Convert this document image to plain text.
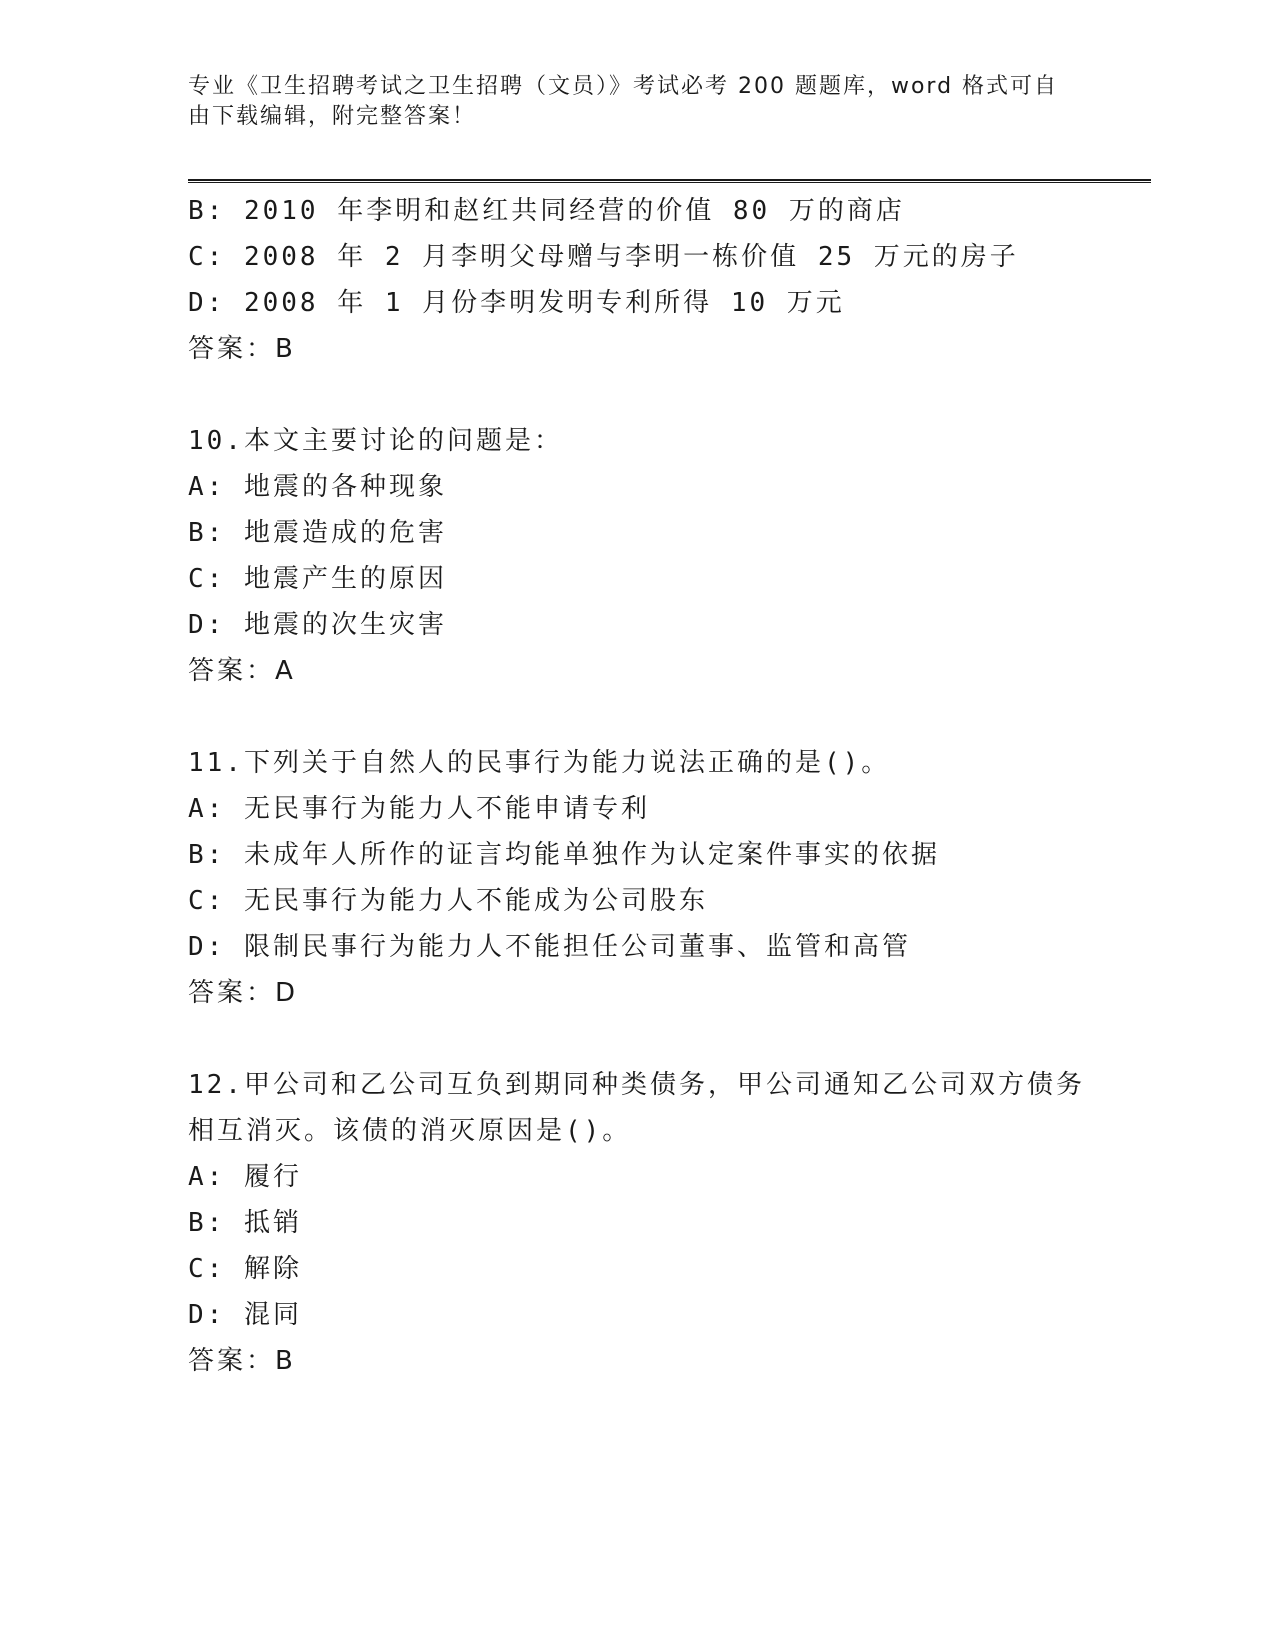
专业《卫生招聘考试之卫生招聘（文员）》考试必考 200 题题库，word 格式可自
由下载编辑，附完整答案！
B: 2010 年李明和赵红共同经营的价值 80 万的商店
C: 2008 年 2 月李明父母赠与李明一栋价值 25 万元的房子
D: 2008 年 1 月份李明发明专利所得 10 万元
答案：B
10.本文主要讨论的问题是：
A: 地震的各种现象
B: 地震造成的危害
C: 地震产生的原因
D: 地震的次生灾害
答案：A
11.下列关于自然人的民事行为能力说法正确的是()。
A: 无民事行为能力人不能申请专利
B: 未成年人所作的证言均能单独作为认定案件事实的依据
C: 无民事行为能力人不能成为公司股东
D: 限制民事行为能力人不能担任公司董事、监管和高管
答案：D
12.甲公司和乙公司互负到期同种类债务，甲公司通知乙公司双方债务
相互消灭。该债的消灭原因是()。
A: 履行
B: 抵销
C: 解除
D: 混同
答案：B
